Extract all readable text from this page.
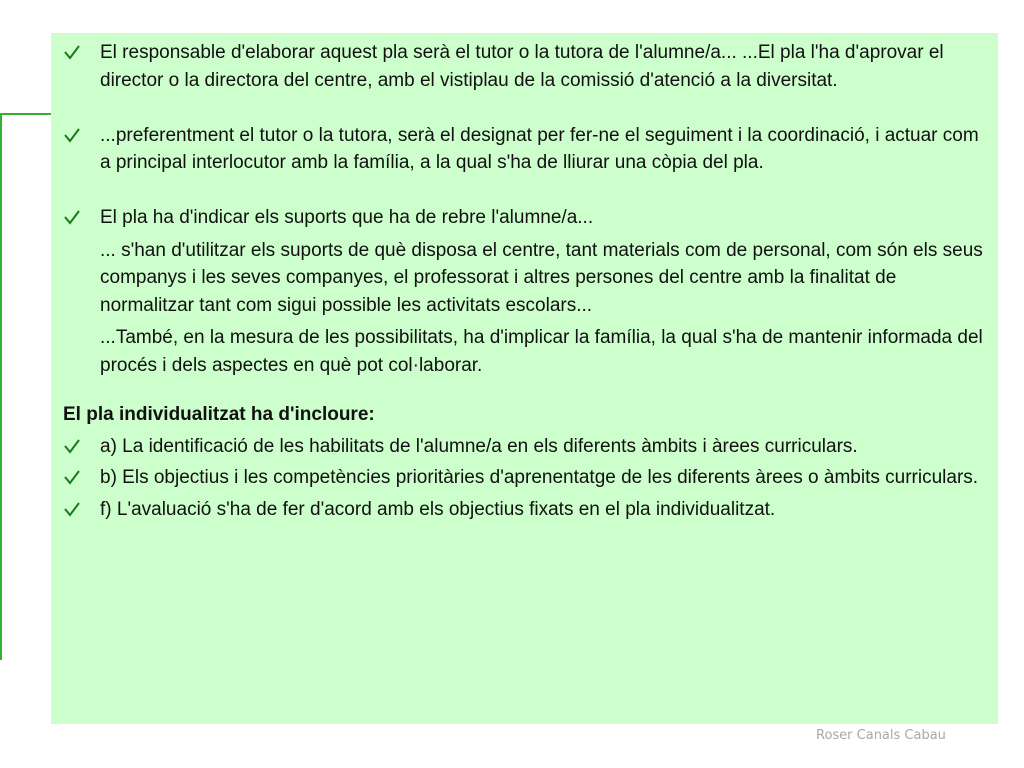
El responsable d'elaborar aquest pla serà el tutor o la tutora de l'alumne/a... ...El pla l'ha d'aprovar el director o la directora del centre, amb el vistiplau de la comissió d'atenció a la diversitat.
...preferentment el tutor o la tutora, serà el designat per fer-ne el seguiment i la coordinació, i actuar com a principal interlocutor amb la família, a la qual s'ha de lliurar una còpia del pla.
El pla ha d'indicar els suports que ha de rebre l'alumne/a...
... s'han d'utilitzar els suports de què disposa el centre, tant materials com de personal, com són els seus companys i les seves companyes, el professorat i altres persones del centre amb la finalitat de normalitzar tant com sigui possible les activitats escolars...
...També, en la mesura de les possibilitats, ha d'implicar la família, la qual s'ha de mantenir informada del procés i dels aspectes en què pot col·laborar.
El pla individualitzat ha d'incloure:
a) La identificació de les habilitats de l'alumne/a en els diferents àmbits i àrees curriculars.
b) Els objectius i les competències prioritàries d'aprenentatge de les diferents àrees o àmbits curriculars.
f) L'avaluació s'ha de fer d'acord amb els objectius fixats en el pla individualitzat.
Roser Canals Cabau
